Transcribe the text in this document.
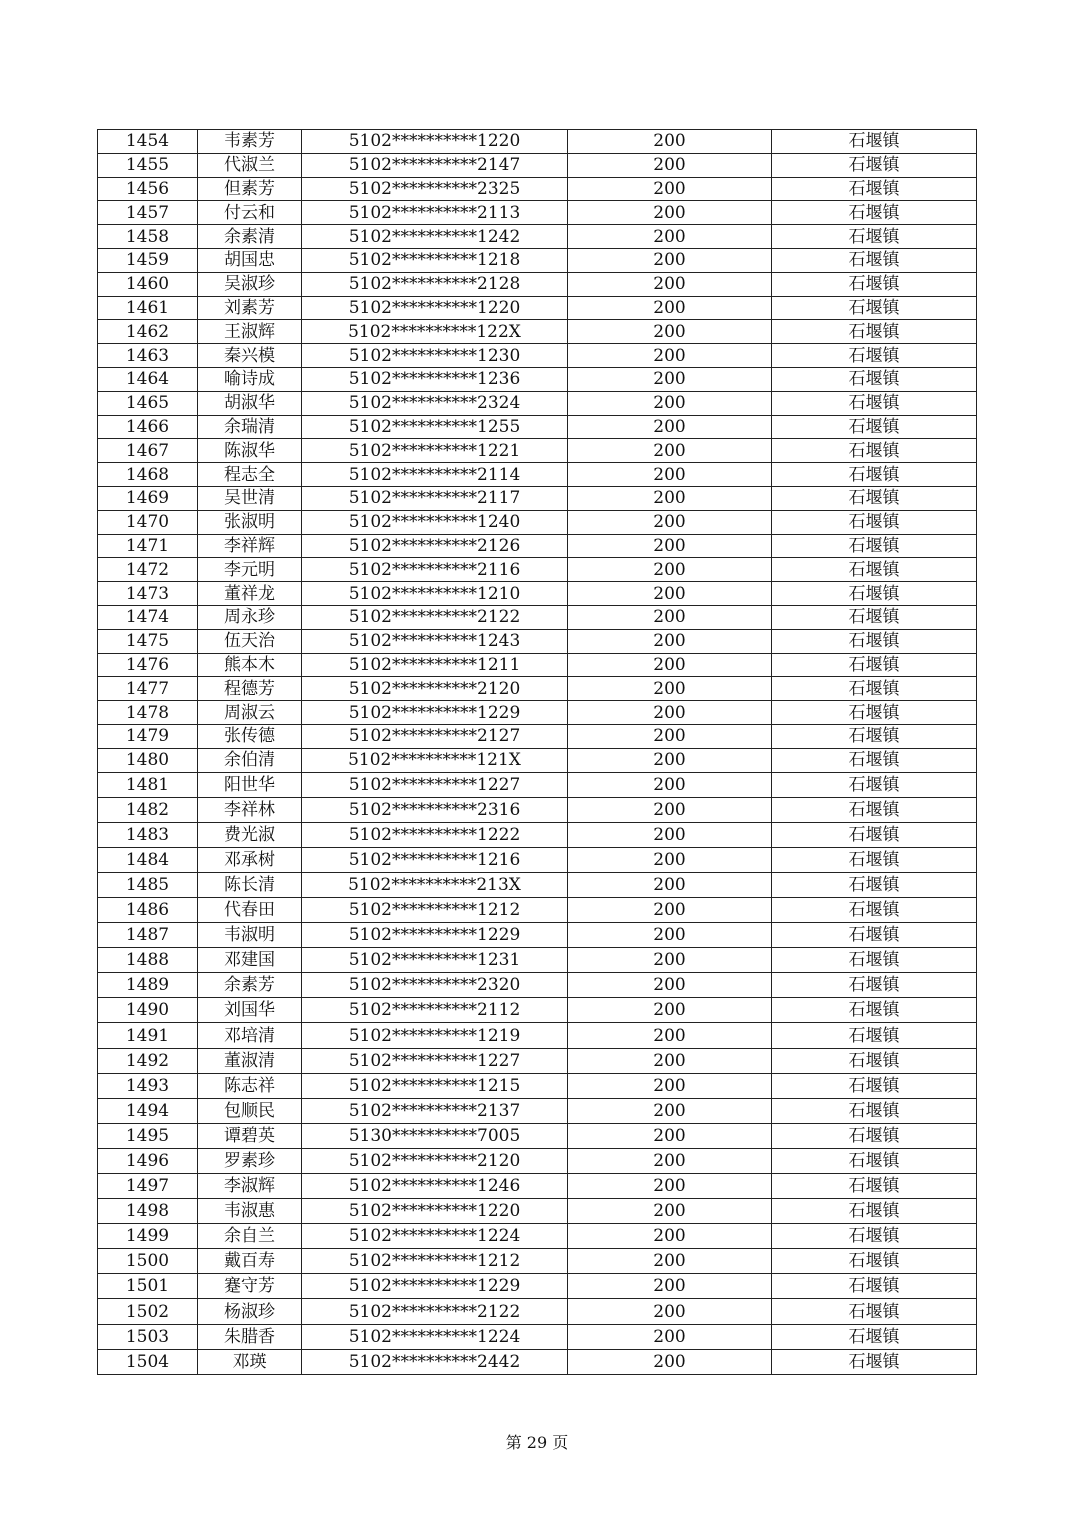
1454	韦素芳	5102**********1220	200	石堰镇
1455	代淑兰	5102**********2147	200	石堰镇
1456	但素芳	5102**********2325	200	石堰镇
1457	付云和	5102**********2113	200	石堰镇
1458	余素清	5102**********1242	200	石堰镇
1459	胡国忠	5102**********1218	200	石堰镇
1460	吴淑珍	5102**********2128	200	石堰镇
1461	刘素芳	5102**********1220	200	石堰镇
1462	王淑辉	5102**********122X	200	石堰镇
1463	秦兴模	5102**********1230	200	石堰镇
1464	喻诗成	5102**********1236	200	石堰镇
1465	胡淑华	5102**********2324	200	石堰镇
1466	余瑞清	5102**********1255	200	石堰镇
1467	陈淑华	5102**********1221	200	石堰镇
1468	程志全	5102**********2114	200	石堰镇
1469	吴世清	5102**********2117	200	石堰镇
1470	张淑明	5102**********1240	200	石堰镇
1471	李祥辉	5102**********2126	200	石堰镇
1472	李元明	5102**********2116	200	石堰镇
1473	董祥龙	5102**********1210	200	石堰镇
1474	周永珍	5102**********2122	200	石堰镇
1475	伍天治	5102**********1243	200	石堰镇
1476	熊本木	5102**********1211	200	石堰镇
1477	程德芳	5102**********2120	200	石堰镇
1478	周淑云	5102**********1229	200	石堰镇
1479	张传德	5102**********2127	200	石堰镇
1480	余伯清	5102**********121X	200	石堰镇
1481	阳世华	5102**********1227	200	石堰镇
1482	李祥林	5102**********2316	200	石堰镇
1483	费光淑	5102**********1222	200	石堰镇
1484	邓承树	5102**********1216	200	石堰镇
1485	陈长清	5102**********213X	200	石堰镇
1486	代春田	5102**********1212	200	石堰镇
1487	韦淑明	5102**********1229	200	石堰镇
1488	邓建国	5102**********1231	200	石堰镇
1489	余素芳	5102**********2320	200	石堰镇
1490	刘国华	5102**********2112	200	石堰镇
1491	邓培清	5102**********1219	200	石堰镇
1492	董淑清	5102**********1227	200	石堰镇
1493	陈志祥	5102**********1215	200	石堰镇
1494	包顺民	5102**********2137	200	石堰镇
1495	谭碧英	5130**********7005	200	石堰镇
1496	罗素珍	5102**********2120	200	石堰镇
1497	李淑辉	5102**********1246	200	石堰镇
1498	韦淑惠	5102**********1220	200	石堰镇
1499	余自兰	5102**********1224	200	石堰镇
1500	戴百寿	5102**********1212	200	石堰镇
1501	蹇守芳	5102**********1229	200	石堰镇
1502	杨淑珍	5102**********2122	200	石堰镇
1503	朱腊香	5102**********1224	200	石堰镇
1504	邓瑛	5102**********2442	200	石堰镇
第 29 页
